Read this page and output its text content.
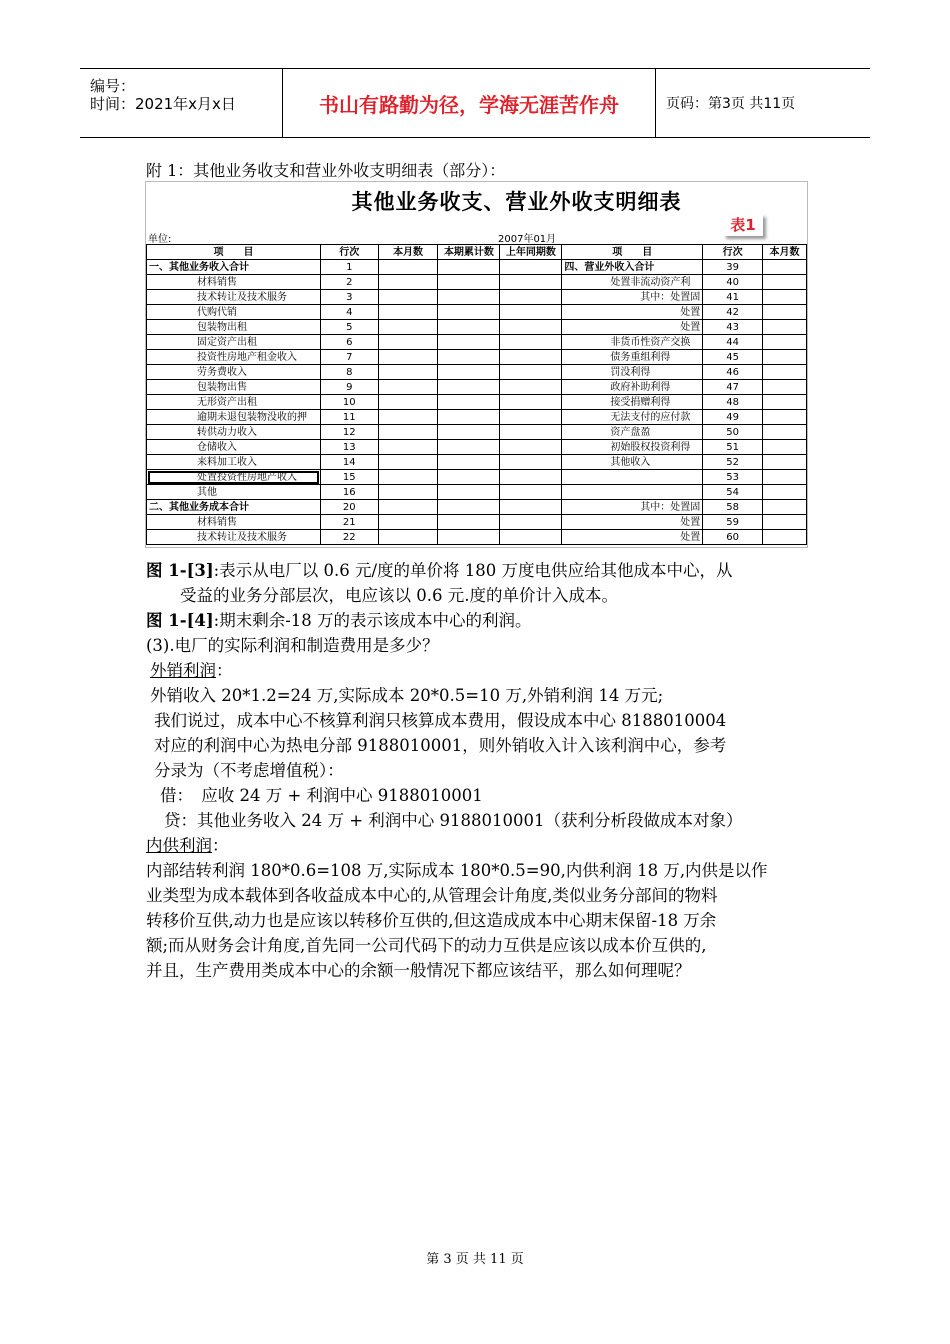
编号：
时间：2021年x月x日	书山有路勤为径，学海无涯苦作舟	页码：第3页 共11页
附 1：其他业务收支和营业外收支明细表（部分）：
其他业务收支、营业外收支明细表
表1
单位:	2007年01月
项　　目	行次	本月数	本期累计数	上年同期数	项　　目	行次	本月数
一、其他业务收入合计	1				四、营业外收入合计	39	
材料销售	2				处置非流动资产利	40	
技术转让及技术服务	3				其中：处置固	41	
代购代销	4				处置	42	
包装物出租	5				处置	43	
固定资产出租	6				非货币性资产交换	44	
投资性房地产租金收入	7				债务重组利得	45	
劳务费收入	8				罚没利得	46	
包装物出售	9				政府补助利得	47	
无形资产出租	10				接受捐赠利得	48	
逾期未退包装物没收的押	11				无法支付的应付款	49	
转供动力收入	12				资产盘盈	50	
仓储收入	13				初始股权投资利得	51	
来料加工收入	14				其他收入	52	
处置投资性房地产收入	15					53	
其他	16					54	
二、其他业务成本合计	20				其中：处置固	58	
材料销售	21				处置	59	
技术转让及技术服务	22				处置	60	

图 1-[3]:表示从电厂以 0.6 元/度的单价将 180 万度电供应给其他成本中心，从

受益的业务分部层次，电应该以 0.6 元.度的单价计入成本。

图 1-[4]:期末剩余-18 万的表示该成本中心的利润。

(3).电厂的实际利润和制造费用是多少？

外销利润：

外销收入 20*1.2=24 万,实际成本 20*0.5=10 万,外销利润 14 万元;

我们说过，成本中心不核算利润只核算成本费用，假设成本中心 8188010004

对应的利润中心为热电分部 9188010001，则外销收入计入该利润中心，参考

分录为（不考虑增值税）：

借：　应收 24 万 + 利润中心 9188010001

贷：其他业务收入 24 万 + 利润中心 9188010001（获利分析段做成本对象）

内供利润：

内部结转利润 180*0.6=108 万,实际成本 180*0.5=90,内供利润 18 万,内供是以作

业类型为成本载体到各收益成本中心的,从管理会计角度,类似业务分部间的物料

转移价互供,动力也是应该以转移价互供的,但这造成成本中心期末保留-18 万余

额;而从财务会计角度,首先同一公司代码下的动力互供是应该以成本价互供的,

并且，生产费用类成本中心的余额一般情况下都应该结平，那么如何理呢？

第 3 页 共 11 页
